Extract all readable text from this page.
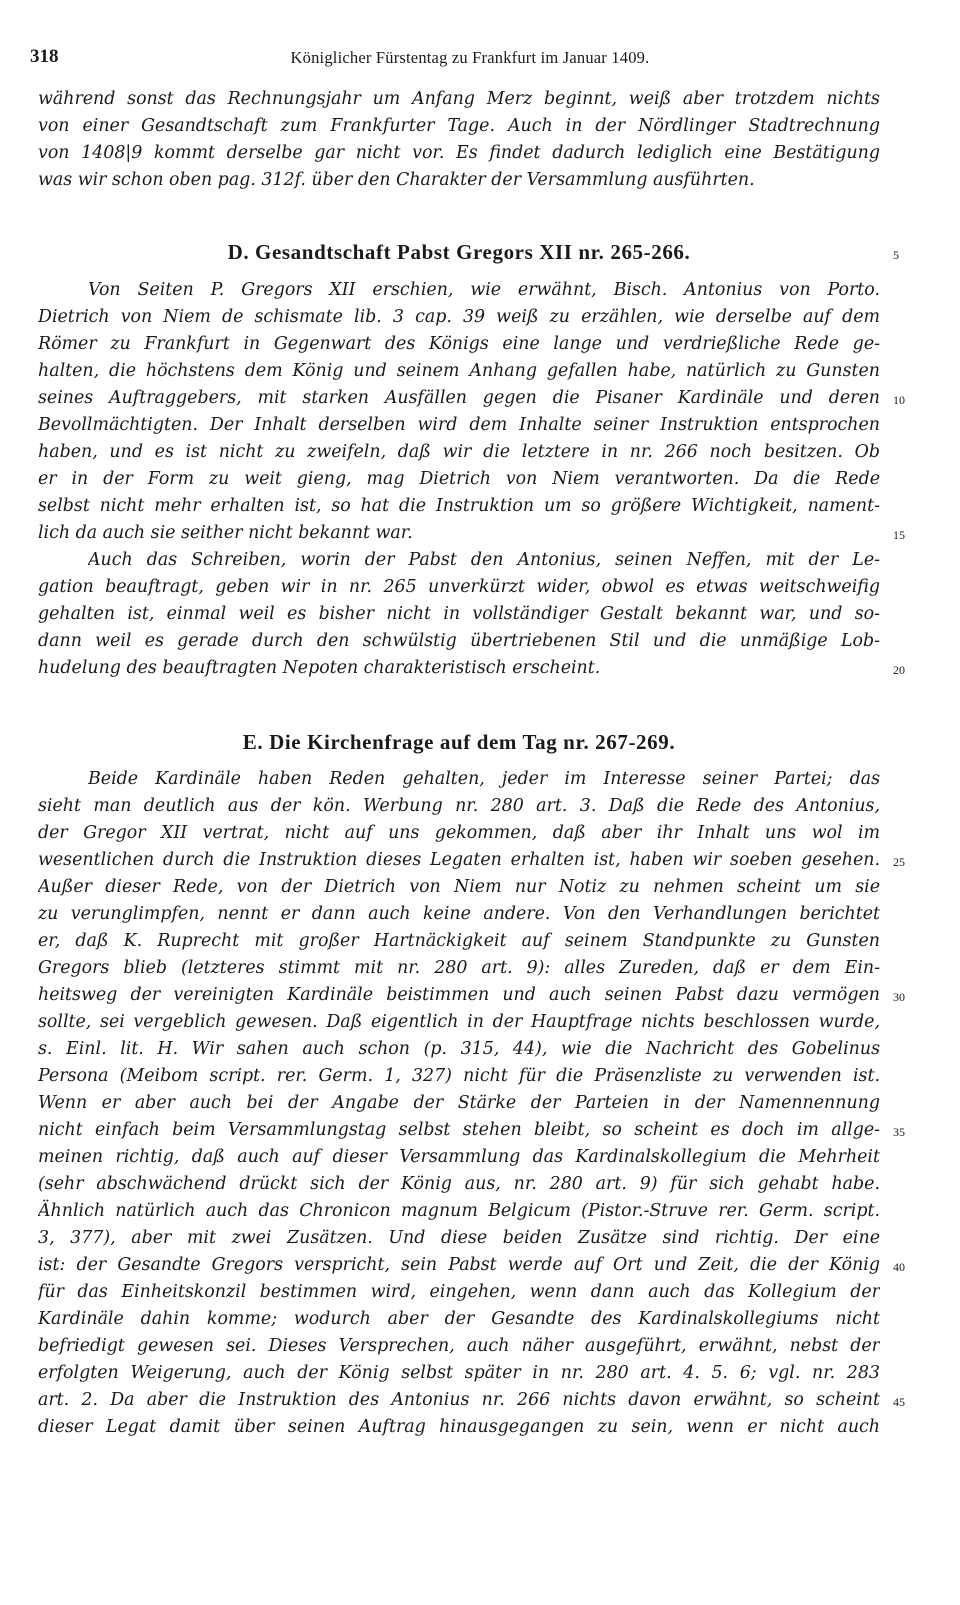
318	Königlicher Fürstentag zu Frankfurt im Januar 1409.
während sonst das Rechnungsjahr um Anfang Merz beginnt, weiß aber trotzdem nichts
von einer Gesandtschaft zum Frankfurter Tage. Auch in der Nördlinger Stadtrechnung
von 1408|9 kommt derselbe gar nicht vor. Es findet dadurch lediglich eine Bestätigung
was wir schon oben pag. 312f. über den Charakter der Versammlung ausführten.
D. Gesandtschaft Pabst Gregors XII nr. 265-266.	5
Von Seiten P. Gregors XII erschien, wie erwähnt, Bisch. Antonius von Porto.
Dietrich von Niem de schismate lib. 3 cap. 39 weiß zu erzählen, wie derselbe auf dem
Römer zu Frankfurt in Gegenwart des Königs eine lange und verdrießliche Rede ge-
halten, die höchstens dem König und seinem Anhang gefallen habe, natürlich zu Gunsten
seines Auftraggebers, mit starken Ausfällen gegen die Pisaner Kardinäle und deren 10
Bevollmächtigten. Der Inhalt derselben wird dem Inhalte seiner Instruktion entsprochen
haben, und es ist nicht zu zweifeln, daß wir die letztere in nr. 266 noch besitzen. Ob
er in der Form zu weit gieng, mag Dietrich von Niem verantworten. Da die Rede
selbst nicht mehr erhalten ist, so hat die Instruktion um so größere Wichtigkeit, nament-
lich da auch sie seither nicht bekannt war.	15
Auch das Schreiben, worin der Pabst den Antonius, seinen Neffen, mit der Le-
gation beauftragt, geben wir in nr. 265 unverkürzt wider, obwol es etwas weitschweifig
gehalten ist, einmal weil es bisher nicht in vollständiger Gestalt bekannt war, und so-
dann weil es gerade durch den schwülstig übertriebenen Stil und die unmäßige Lob-
hudelung des beauftragten Nepoten charakteristisch erscheint.	20
E. Die Kirchenfrage auf dem Tag nr. 267-269.
Beide Kardinäle haben Reden gehalten, jeder im Interesse seiner Partei; das
sieht man deutlich aus der kön. Werbung nr. 280 art. 3. Daß die Rede des Antonius,
der Gregor XII vertrat, nicht auf uns gekommen, daß aber ihr Inhalt uns wol im
wesentlichen durch die Instruktion dieses Legaten erhalten ist, haben wir soeben gesehen. 25
Außer dieser Rede, von der Dietrich von Niem nur Notiz zu nehmen scheint um sie
zu verunglimpfen, nennt er dann auch keine andere. Von den Verhandlungen berichtet
er, daß K. Ruprecht mit großer Hartnäckigkeit auf seinem Standpunkte zu Gunsten
Gregors blieb (letzteres stimmt mit nr. 280 art. 9): alles Zureden, daß er dem Ein-
heitsweg der vereinigten Kardinäle beistimmen und auch seinen Pabst dazu vermögen 30
sollte, sei vergeblich gewesen. Daß eigentlich in der Hauptfrage nichts beschlossen wurde,
s. Einl. lit. H. Wir sahen auch schon (p. 315, 44), wie die Nachricht des Gobelinus
Persona (Meibom script. rer. Germ. 1, 327) nicht für die Präsenzliste zu verwenden ist.
Wenn er aber auch bei der Angabe der Stärke der Parteien in der Namennennung
nicht einfach beim Versammlungstag selbst stehen bleibt, so scheint es doch im allge- 35
meinen richtig, daß auch auf dieser Versammlung das Kardinalskollegium die Mehrheit
(sehr abschwächend drückt sich der König aus, nr. 280 art. 9) für sich gehabt habe.
Ähnlich natürlich auch das Chronicon magnum Belgicum (Pistor.-Struve rer. Germ. script.
3, 377), aber mit zwei Zusätzen. Und diese beiden Zusätze sind richtig. Der eine
ist: der Gesandte Gregors verspricht, sein Pabst werde auf Ort und Zeit, die der König 40
für das Einheitskonzil bestimmen wird, eingehen, wenn dann auch das Kollegium der
Kardinäle dahin komme; wodurch aber der Gesandte des Kardinalskollegiums nicht
befriedigt gewesen sei. Dieses Versprechen, auch näher ausgeführt, erwähnt, nebst der
erfolgten Weigerung, auch der König selbst später in nr. 280 art. 4. 5. 6; vgl. nr. 283
art. 2. Da aber die Instruktion des Antonius nr. 266 nichts davon erwähnt, so scheint 45
dieser Legat damit über seinen Auftrag hinausgegangen zu sein, wenn er nicht auch
